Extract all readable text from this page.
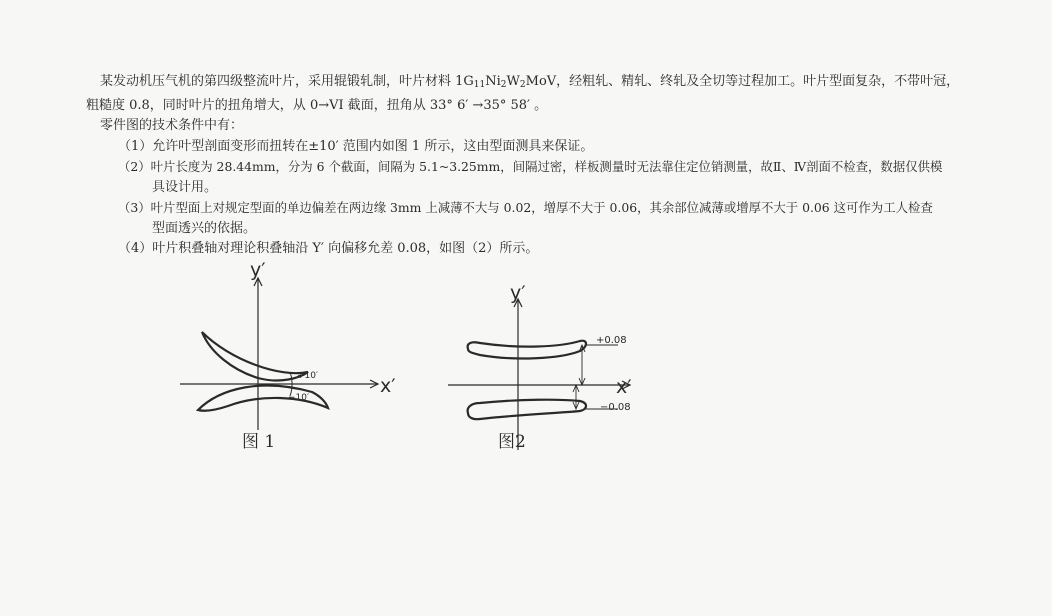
某发动机压气机的第四级整流叶片，采用辊锻轧制，叶片材料 $1G_{11}Ni_2W_2MoV$，经粗轧、精轧、终轧及全切等过程加工。叶片型面复杂，不带叶冠，
粗糙度 0.8，同时叶片的扭角增大，从 0→VI 截面，扭角从 33° 6′ →35° 58′ 。
零件图的技术条件中有：
（1）允许叶型剖面变形而扭转在±10′ 范围内如图 1 所示，这由型面测具来保证。
（2）叶片长度为 28.44mm，分为 6 个截面，间隔为 5.1~3.25mm，间隔过密，样板测量时无法靠住定位销测量，故Ⅱ、Ⅳ剖面不检查，数据仅供模
具设计用。
（3）叶片型面上对规定型面的单边偏差在两边缘 3mm 上减薄不大与 0.02，增厚不大于 0.06，其余部位减薄或增厚不大于 0.06 这可作为工人检查
型面透兴的依据。
（4）叶片积叠轴对理论积叠轴沿 Y′ 向偏移允差 0.08，如图（2）所示。
y′
x′
+10′
−10′
图 1
y′
x′
+0.08
−0.08
图2
